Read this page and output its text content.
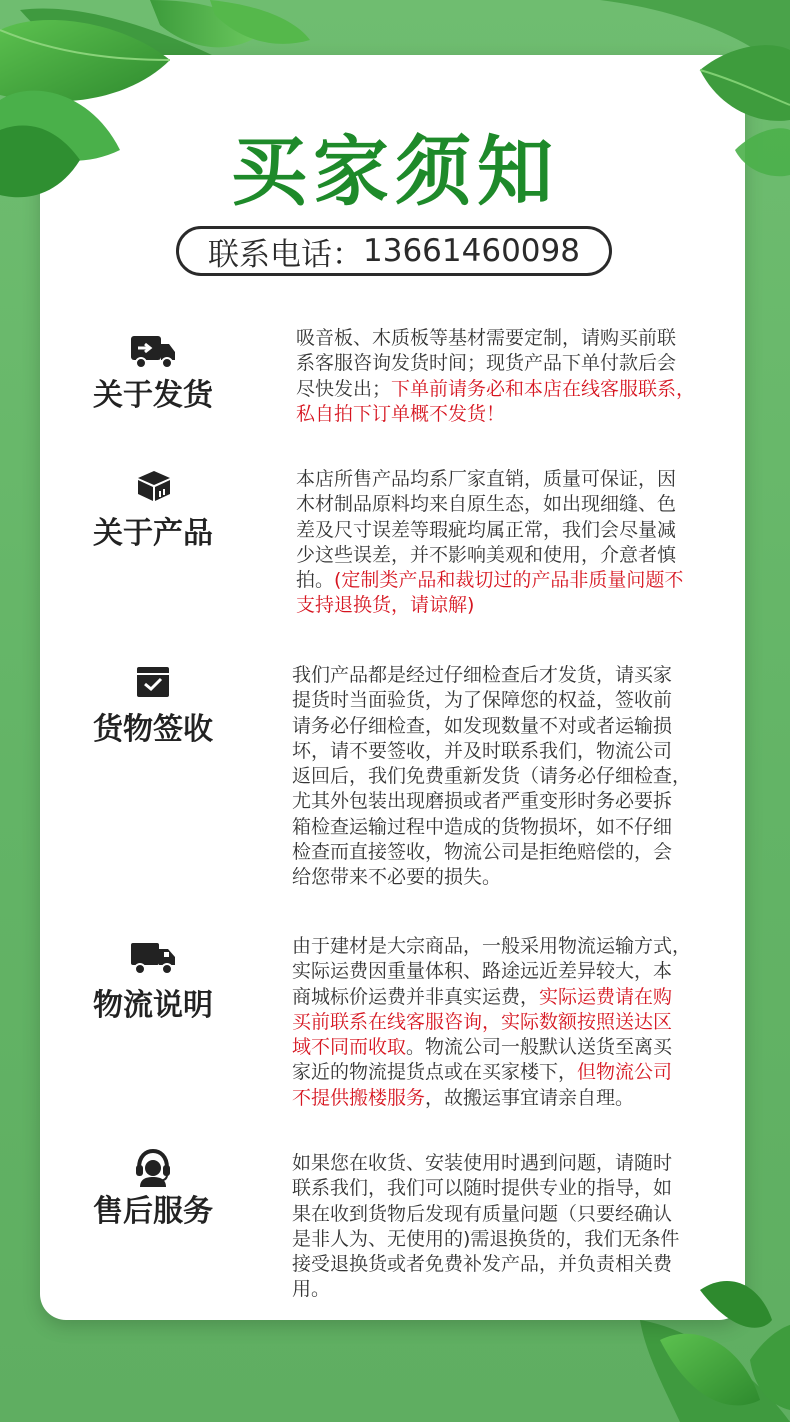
买家须知
联系电话： 13661460098
关于发货
关于产品
货物签收
物流说明
售后服务

吸音板、木质板等基材需要定制，请购买前联
系客服咨询发货时间；现货产品下单付款后会
尽快发出；下单前请务必和本店在线客服联系，
私自拍下订单概不发货！

本店所售产品均系厂家直销，质量可保证，因
木材制品原料均来自原生态，如出现细缝、色
差及尺寸误差等瑕疵均属正常，我们会尽量减
少这些误差，并不影响美观和使用，介意者慎
拍。(定制类产品和裁切过的产品非质量问题不
支持退换货，请谅解)

我们产品都是经过仔细检查后才发货，请买家
提货时当面验货，为了保障您的权益，签收前
请务必仔细检查，如发现数量不对或者运输损
坏，请不要签收，并及时联系我们，物流公司
返回后，我们免费重新发货（请务必仔细检查，
尤其外包装出现磨损或者严重变形时务必要拆
箱检查运输过程中造成的货物损坏，如不仔细
检查而直接签收，物流公司是拒绝赔偿的，会
给您带来不必要的损失。

由于建材是大宗商品，一般采用物流运输方式，
实际运费因重量体积、路途远近差异较大，本
商城标价运费并非真实运费，实际运费请在购
买前联系在线客服咨询，实际数额按照送达区
域不同而收取。物流公司一般默认送货至离买
家近的物流提货点或在买家楼下，但物流公司
不提供搬楼服务，故搬运事宜请亲自理。

如果您在收货、安装使用时遇到问题，请随时
联系我们，我们可以随时提供专业的指导，如
果在收到货物后发现有质量问题（只要经确认
是非人为、无使用的)需退换货的，我们无条件
接受退换货或者免费补发产品，并负责相关费
用。
